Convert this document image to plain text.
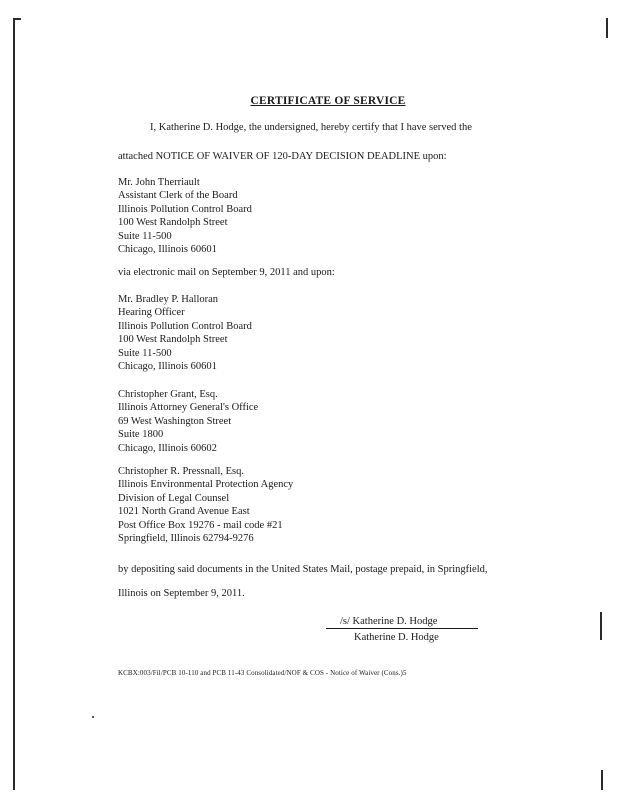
CERTIFICATE OF SERVICE
I, Katherine D. Hodge, the undersigned, hereby certify that I have served the
attached NOTICE OF WAIVER OF 120-DAY DECISION DEADLINE upon:
Mr. John Therriault
Assistant Clerk of the Board
Illinois Pollution Control Board
100 West Randolph Street
Suite 11-500
Chicago, Illinois 60601
via electronic mail on September 9, 2011 and upon:
Mr. Bradley P. Halloran
Hearing Officer
Illinois Pollution Control Board
100 West Randolph Street
Suite 11-500
Chicago, Illinois 60601
Christopher Grant, Esq.
Illinois Attorney General's Office
69 West Washington Street
Suite 1800
Chicago, Illinois 60602
Christopher R. Pressnall, Esq.
Illinois Environmental Protection Agency
Division of Legal Counsel
1021 North Grand Avenue East
Post Office Box 19276 - mail code #21
Springfield, Illinois 62794-9276
by depositing said documents in the United States Mail, postage prepaid, in Springfield,
Illinois on September 9, 2011.
/s/ Katherine D. Hodge
Katherine D. Hodge
KCBX:003/Fil/PCB 10-110 and PCB 11-43 Consolidated/NOF & COS - Notice of Waiver (Cons.)5
